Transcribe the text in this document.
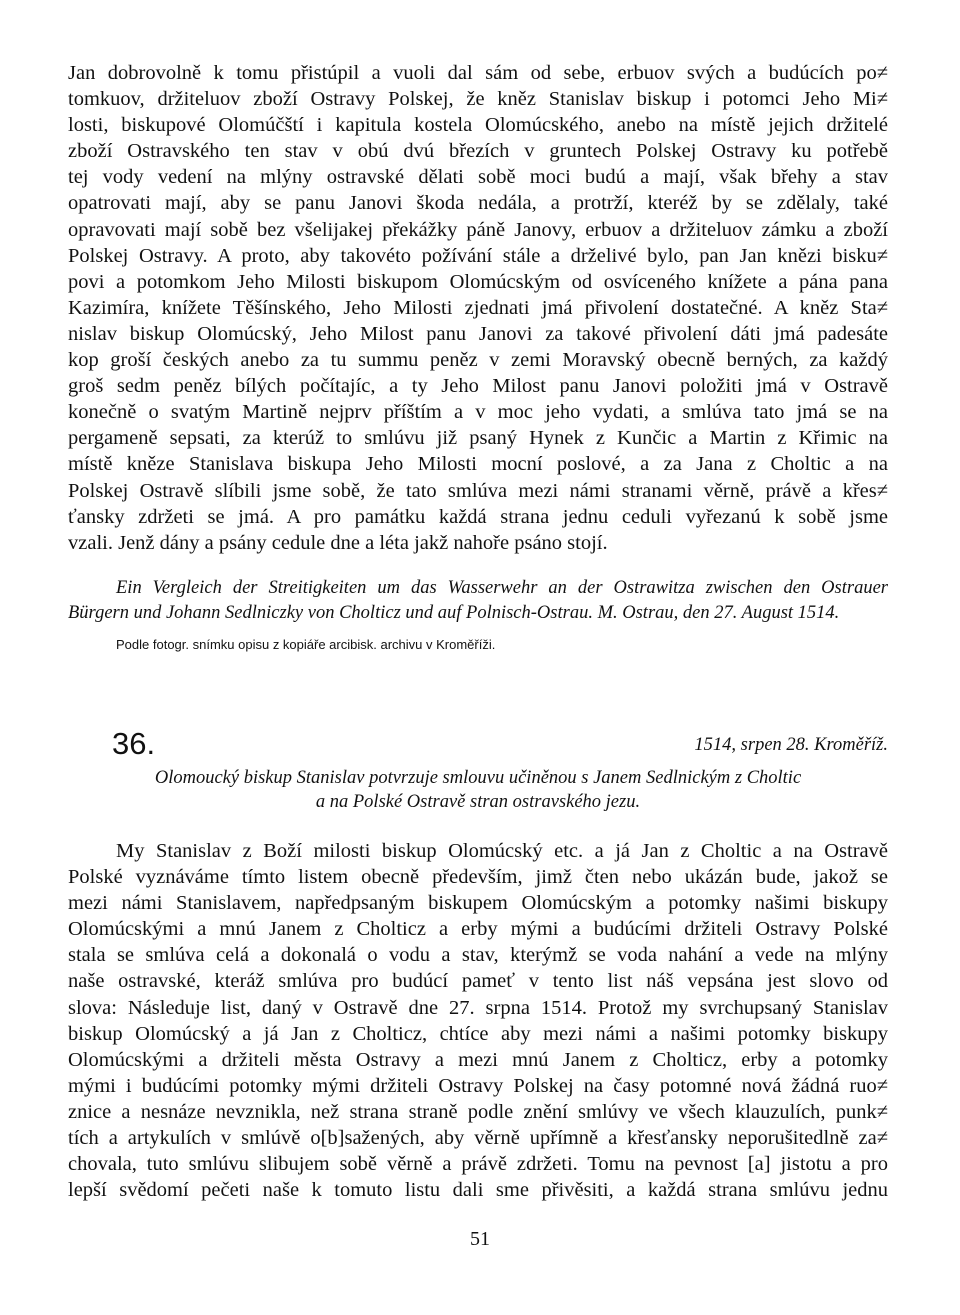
Jan dobrovolně k tomu přistúpil a vuoli dal sám od sebe, erbuov svých a budúcích po≠
tomkuov, držiteluov zboží Ostravy Polskej, že kněz Stanislav biskup i potomci Jeho Mi≠
losti, biskupové Olomúčští i kapitula kostela Olomúcského, anebo na místě jejich držitelé
zboží Ostravského ten stav v obú dvú březích v gruntech Polskej Ostravy ku potřebě
tej vody vedení na mlýny ostravské dělati sobě moci budú a mají, však břehy a stav
opatrovati mají, aby se panu Janovi škoda nedála, a protrží, kteréž by se zdělaly, také
opravovati mají sobě bez všelijakej překážky páně Janovy, erbuov a držiteluov zámku a zboží
Polskej Ostravy. A proto, aby takovéto požívání stále a drželivé bylo, pan Jan knězi bisku≠
povi a potomkom Jeho Milosti biskupom Olomúcským od osvíceného knížete a pána pana
Kazimíra, knížete Těšínského, Jeho Milosti zjednati jmá přivolení dostatečné. A kněz Sta≠
nislav biskup Olomúcský, Jeho Milost panu Janovi za takové přivolení dáti jmá padesáte
kop groší českých anebo za tu summu peněz v zemi Moravský obecně berných, za každý
groš sedm peněz bílých počítajíc, a ty Jeho Milost panu Janovi položiti jmá v Ostravě
konečně o svatým Martině nejprv příštím a v moc jeho vydati, a smlúva tato jmá se na
pergameně sepsati, za kterúž to smlúvu již psaný Hynek z Kunčic a Martin z Křimic na
místě kněze Stanislava biskupa Jeho Milosti mocní poslové, a za Jana z Choltic a na
Polskej Ostravě slíbili jsme sobě, že tato smlúva mezi námi stranami věrně, právě a křes≠
ťansky zdržeti se jmá. A pro památku každá strana jednu ceduli vyřezanú k sobě jsme
vzali. Jenž dány a psány cedule dne a léta jakž nahoře psáno stojí.
Ein Vergleich der Streitigkeiten um das Wasserwehr an der Ostrawitza zwischen den Ostrauer
Bürgern und Johann Sedlniczky von Cholticz und auf Polnisch-Ostrau. M. Ostrau, den 27. August 1514.
Podle fotogr. snímku opisu z kopiáře arcibisk. archivu v Kroměříži.
36.	1514, srpen 28. Kroměříž.
Olomoucký biskup Stanislav potvrzuje smlouvu učiněnou s Janem Sedlnickým z Choltic
a na Polské Ostravě stran ostravského jezu.
My Stanislav z Boží milosti biskup Olomúcský etc. a já Jan z Choltic a na Ostravě
Polské vyznáváme tímto listem obecně především, jimž čten nebo ukázán bude, jakož se
mezi námi Stanislavem, napředpsaným biskupem Olomúcským a potomky našimi biskupy
Olomúcskými a mnú Janem z Cholticz a erby mými a budúcími držiteli Ostravy Polské
stala se smlúva celá a dokonalá o vodu a stav, kterýmž se voda nahání a vede na mlýny
naše ostravské, kteráž smlúva pro budúcí pameť v tento list náš vepsána jest slovo od
slova: Následuje list, daný v Ostravě dne 27. srpna 1514. Protož my svrchupsaný Stanislav
biskup Olomúcský a já Jan z Cholticz, chtíce aby mezi námi a našimi potomky biskupy
Olomúcskými a držiteli města Ostravy a mezi mnú Janem z Cholticz, erby a potomky
mými i budúcími potomky mými držiteli Ostravy Polskej na časy potomné nová žádná ruo≠
znice a nesnáze nevznikla, než strana straně podle znění smlúvy ve všech klauzulích, punk≠
tích a artykulích v smlúvě o[b]sažených, aby věrně upřímně a křesťansky neporušitedlně za≠
chovala, tuto smlúvu slibujem sobě věrně a právě zdržeti. Tomu na pevnost [a] jistotu a pro
lepší svědomí pečeti naše k tomuto listu dali sme přivěsiti, a každá strana smlúvu jednu
51
